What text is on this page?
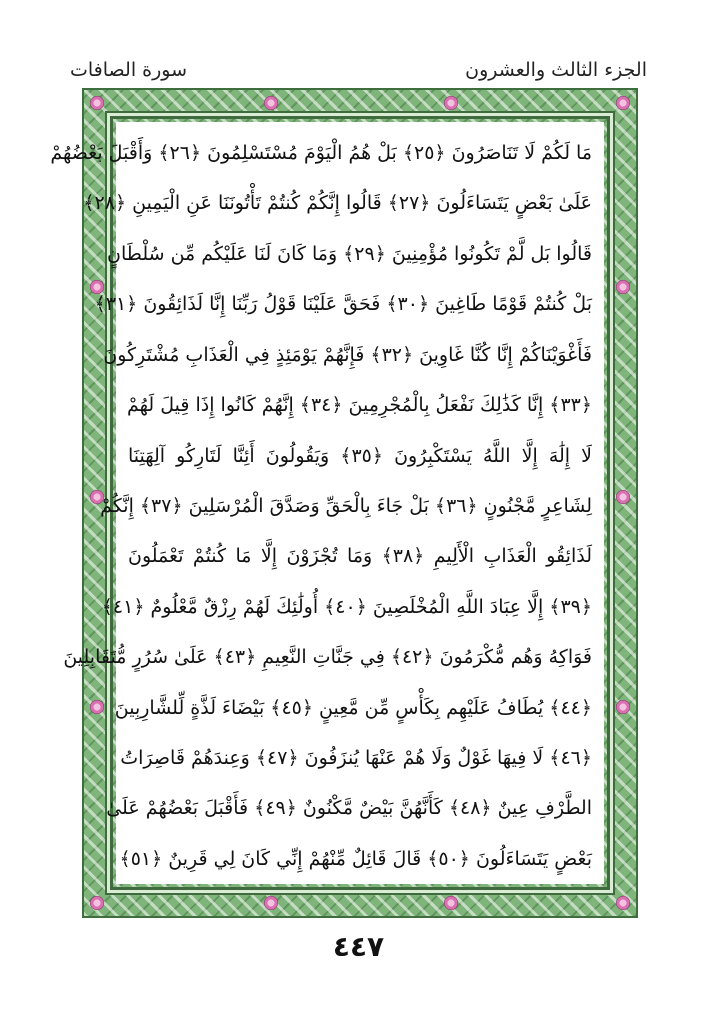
سورة الصافات	الجزء الثالث والعشرون
مَا لَكُمْ لَا تَنَاصَرُونَ ﴿٢٥﴾ بَلْ هُمُ الْيَوْمَ مُسْتَسْلِمُونَ ﴿٢٦﴾ وَأَقْبَلَ بَعْضُهُمْ
عَلَىٰ بَعْضٍ يَتَسَاءَلُونَ ﴿٢٧﴾ قَالُوا إِنَّكُمْ كُنتُمْ تَأْتُونَنَا عَنِ الْيَمِينِ ﴿٢٨﴾
قَالُوا بَل لَّمْ تَكُونُوا مُؤْمِنِينَ ﴿٢٩﴾ وَمَا كَانَ لَنَا عَلَيْكُم مِّن سُلْطَانٍ
بَلْ كُنتُمْ قَوْمًا طَاغِينَ ﴿٣٠﴾ فَحَقَّ عَلَيْنَا قَوْلُ رَبِّنَا إِنَّا لَذَائِقُونَ ﴿٣١﴾
فَأَغْوَيْنَاكُمْ إِنَّا كُنَّا غَاوِينَ ﴿٣٢﴾ فَإِنَّهُمْ يَوْمَئِذٍ فِي الْعَذَابِ مُشْتَرِكُونَ
﴿٣٣﴾ إِنَّا كَذَٰلِكَ نَفْعَلُ بِالْمُجْرِمِينَ ﴿٣٤﴾ إِنَّهُمْ كَانُوا إِذَا قِيلَ لَهُمْ
لَا إِلَٰهَ إِلَّا اللَّهُ يَسْتَكْبِرُونَ ﴿٣٥﴾ وَيَقُولُونَ أَئِنَّا لَتَارِكُو آلِهَتِنَا
لِشَاعِرٍ مَّجْنُونٍ ﴿٣٦﴾ بَلْ جَاءَ بِالْحَقِّ وَصَدَّقَ الْمُرْسَلِينَ ﴿٣٧﴾ إِنَّكُمْ
لَذَائِقُو الْعَذَابِ الْأَلِيمِ ﴿٣٨﴾ وَمَا تُجْزَوْنَ إِلَّا مَا كُنتُمْ تَعْمَلُونَ
﴿٣٩﴾ إِلَّا عِبَادَ اللَّهِ الْمُخْلَصِينَ ﴿٤٠﴾ أُولَٰئِكَ لَهُمْ رِزْقٌ مَّعْلُومٌ ﴿٤١﴾
فَوَاكِهُ وَهُم مُّكْرَمُونَ ﴿٤٢﴾ فِي جَنَّاتِ النَّعِيمِ ﴿٤٣﴾ عَلَىٰ سُرُرٍ مُّتَقَابِلِينَ
﴿٤٤﴾ يُطَافُ عَلَيْهِم بِكَأْسٍ مِّن مَّعِينٍ ﴿٤٥﴾ بَيْضَاءَ لَذَّةٍ لِّلشَّارِبِينَ
﴿٤٦﴾ لَا فِيهَا غَوْلٌ وَلَا هُمْ عَنْهَا يُنزَفُونَ ﴿٤٧﴾ وَعِندَهُمْ قَاصِرَاتُ
الطَّرْفِ عِينٌ ﴿٤٨﴾ كَأَنَّهُنَّ بَيْضٌ مَّكْنُونٌ ﴿٤٩﴾ فَأَقْبَلَ بَعْضُهُمْ عَلَىٰ
بَعْضٍ يَتَسَاءَلُونَ ﴿٥٠﴾ قَالَ قَائِلٌ مِّنْهُمْ إِنِّي كَانَ لِي قَرِينٌ ﴿٥١﴾
٤٤٧
